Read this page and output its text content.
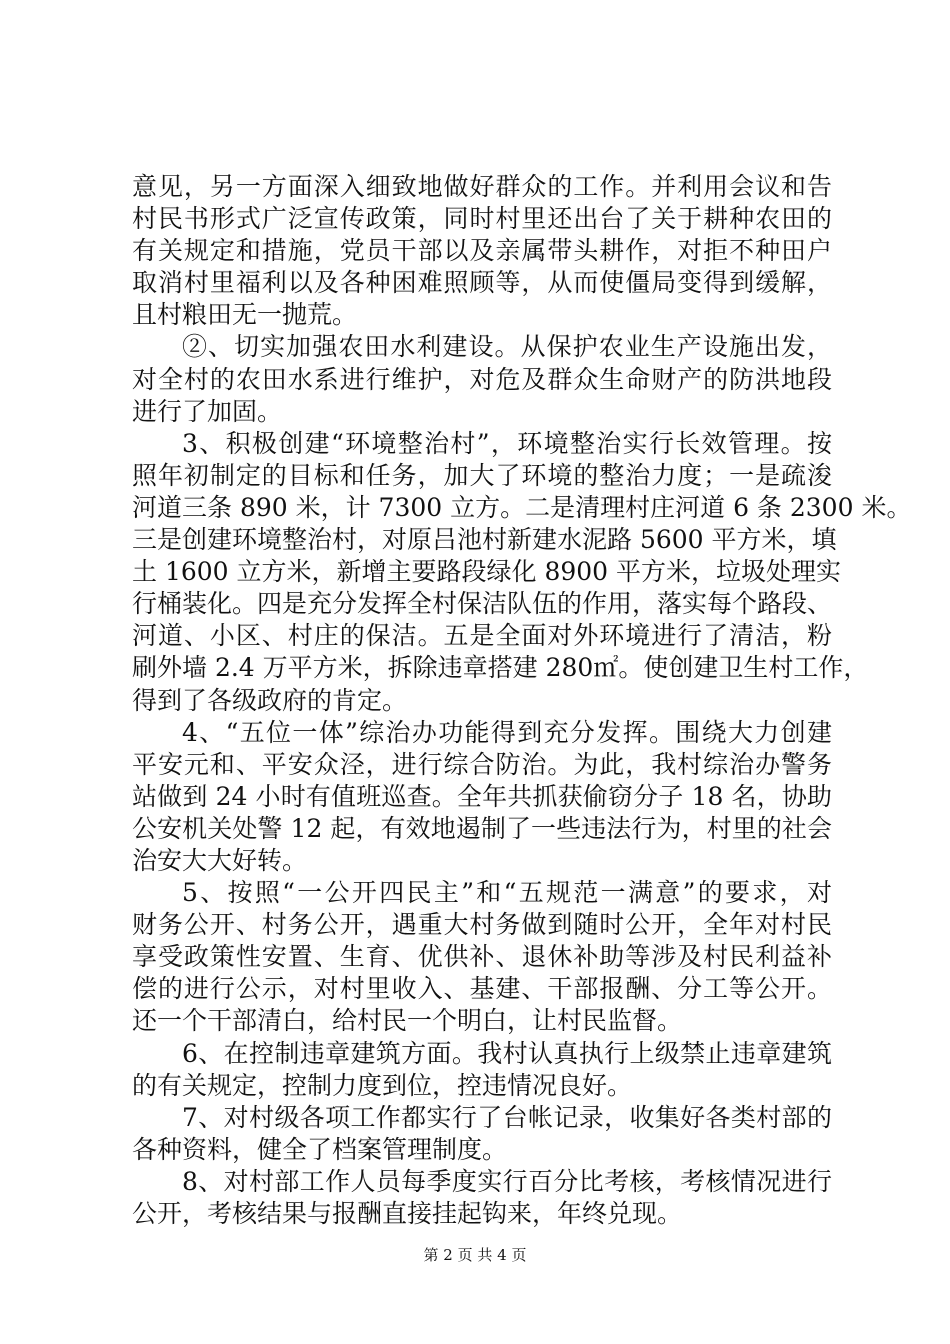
意见，另一方面深入细致地做好群众的工作。并利用会议和告
村民书形式广泛宣传政策，同时村里还出台了关于耕种农田的
有关规定和措施，党员干部以及亲属带头耕作，对拒不种田户
取消村里福利以及各种困难照顾等，从而使僵局变得到缓解，
且村粮田无一抛荒。
②、切实加强农田水利建设。从保护农业生产设施出发，
对全村的农田水系进行维护，对危及群众生命财产的防洪地段
进行了加固。
3、积极创建“环境整治村”，环境整治实行长效管理。按
照年初制定的目标和任务，加大了环境的整治力度；一是疏浚
河道三条 890 米，计 7300 立方。二是清理村庄河道 6 条 2300 米。
三是创建环境整治村，对原吕池村新建水泥路 5600 平方米，填
土 1600 立方米，新增主要路段绿化 8900 平方米，垃圾处理实
行桶装化。四是充分发挥全村保洁队伍的作用，落实每个路段、
河道、小区、村庄的保洁。五是全面对外环境进行了清洁，粉
刷外墙 2.4 万平方米，拆除违章搭建 280㎡。使创建卫生村工作，
得到了各级政府的肯定。
4、“五位一体”综治办功能得到充分发挥。围绕大力创建
平安元和、平安众泾，进行综合防治。为此，我村综治办警务
站做到 24 小时有值班巡查。全年共抓获偷窃分子 18 名，协助
公安机关处警 12 起，有效地遏制了一些违法行为，村里的社会
治安大大好转。
5、按照“一公开四民主”和“五规范一满意”的要求，对
财务公开、村务公开，遇重大村务做到随时公开，全年对村民
享受政策性安置、生育、优供补、退休补助等涉及村民利益补
偿的进行公示，对村里收入、基建、干部报酬、分工等公开。
还一个干部清白，给村民一个明白，让村民监督。
6、在控制违章建筑方面。我村认真执行上级禁止违章建筑
的有关规定，控制力度到位，控违情况良好。
7、对村级各项工作都实行了台帐记录，收集好各类村部的
各种资料，健全了档案管理制度。
8、对村部工作人员每季度实行百分比考核，考核情况进行
公开，考核结果与报酬直接挂起钩来，年终兑现。
第 2 页 共 4 页
